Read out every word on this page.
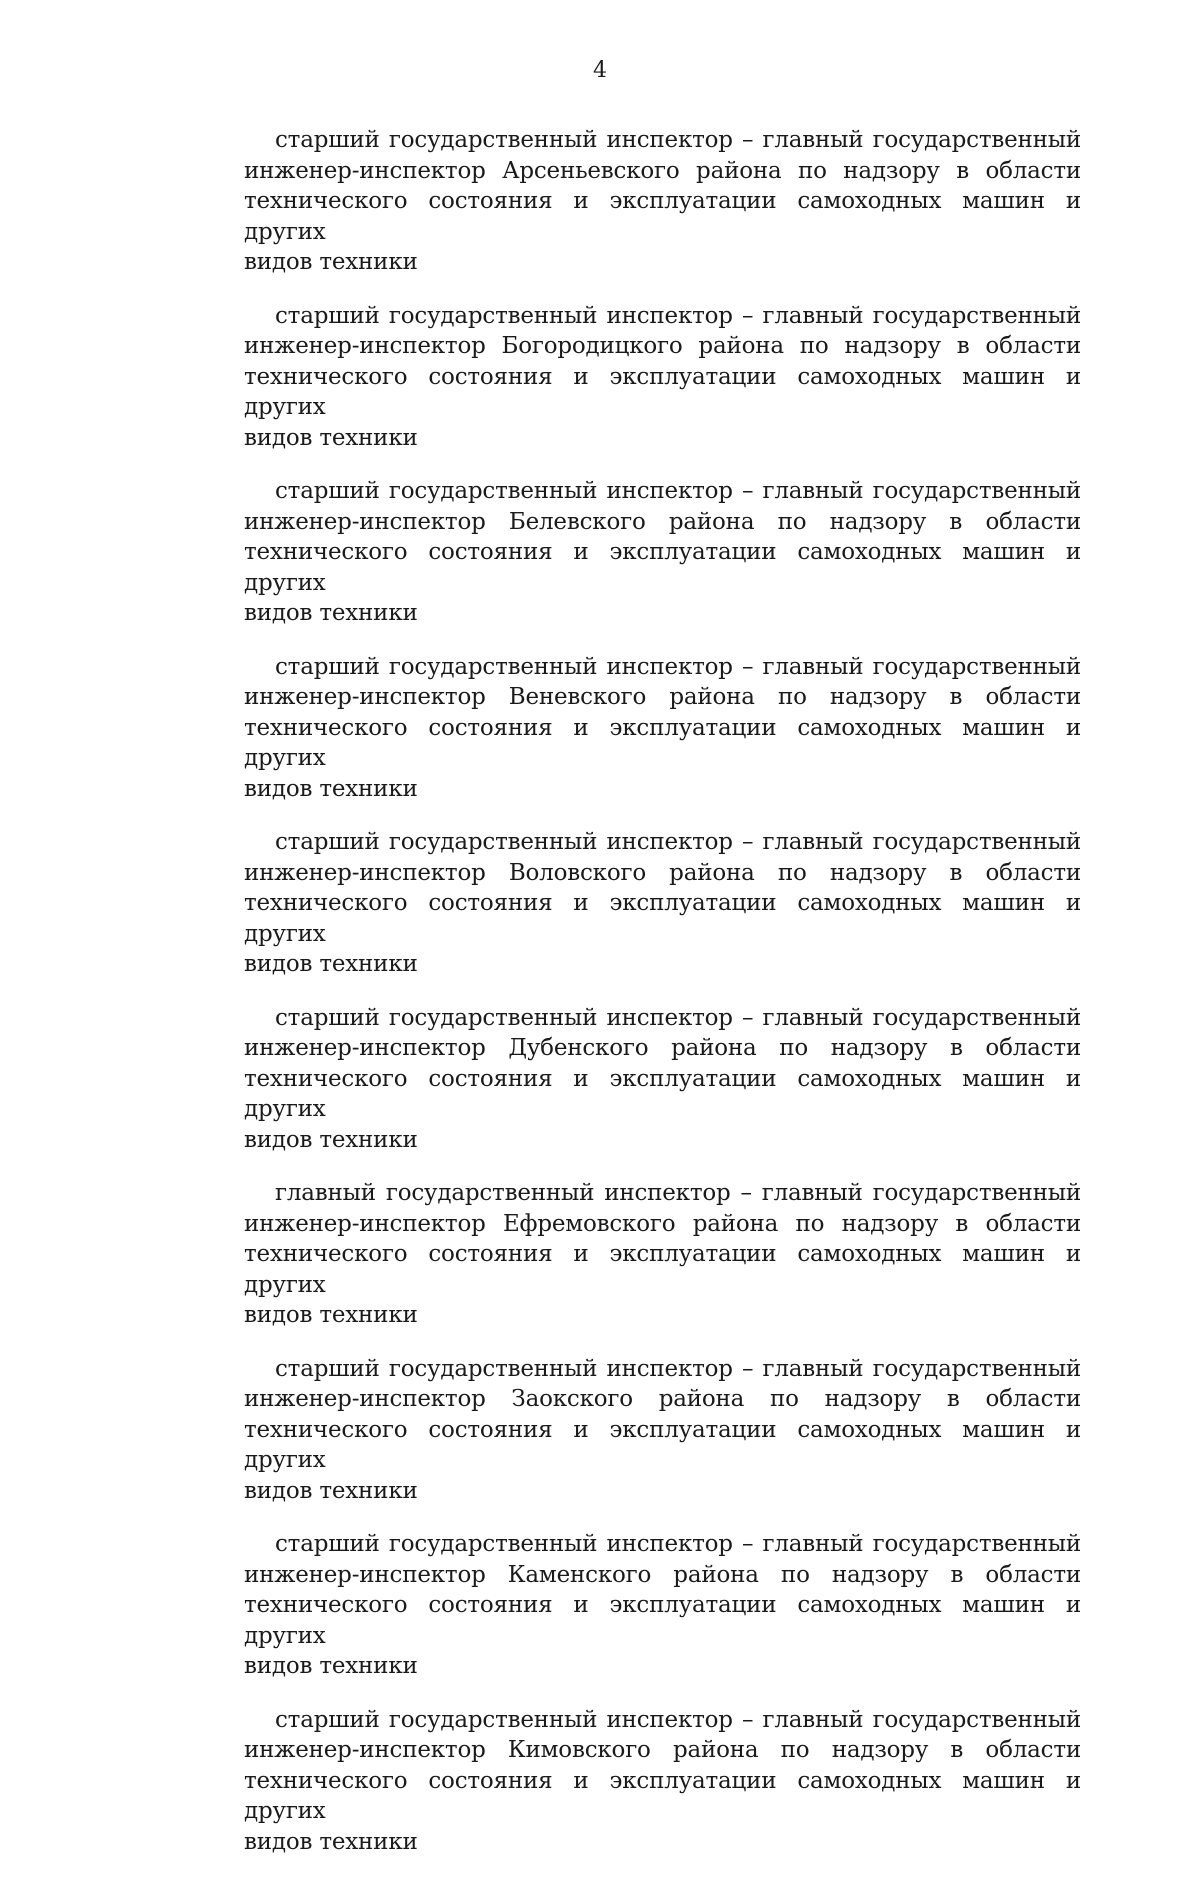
4

старший государственный инспектор – главный государственный
инженер-инспектор Арсеньевского района по надзору в области
технического состояния и эксплуатации самоходных машин и других
видов техники

старший государственный инспектор – главный государственный
инженер-инспектор Богородицкого района по надзору в области
технического состояния и эксплуатации самоходных машин и других
видов техники

старший государственный инспектор – главный государственный
инженер-инспектор Белевского района по надзору в области
технического состояния и эксплуатации самоходных машин и других
видов техники

старший государственный инспектор – главный государственный
инженер-инспектор Веневского района по надзору в области
технического состояния и эксплуатации самоходных машин и других
видов техники

старший государственный инспектор – главный государственный
инженер-инспектор Воловского района по надзору в области
технического состояния и эксплуатации самоходных машин и других
видов техники

старший государственный инспектор – главный государственный
инженер-инспектор Дубенского района по надзору в области
технического состояния и эксплуатации самоходных машин и других
видов техники

главный государственный инспектор – главный государственный
инженер-инспектор Ефремовского района по надзору в области
технического состояния и эксплуатации самоходных машин и других
видов техники

старший государственный инспектор – главный государственный
инженер-инспектор Заокского района по надзору в области
технического состояния и эксплуатации самоходных машин и других
видов техники

старший государственный инспектор – главный государственный
инженер-инспектор Каменского района по надзору в области
технического состояния и эксплуатации самоходных машин и других
видов техники

старший государственный инспектор – главный государственный
инженер-инспектор Кимовского района по надзору в области
технического состояния и эксплуатации самоходных машин и других
видов техники
